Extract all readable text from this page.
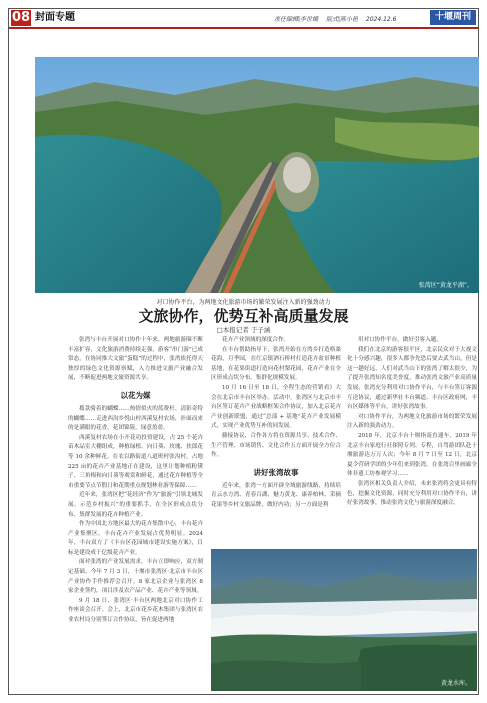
08 封面专题	责任编辑|李世娥 版式|陈小艳 2024.12.6	十堰周刊
张湾区“黄龙平湖”。
对口协作平台，为两地文化旅游市场的繁荣发展注入新的强劲动力
文旅协作，优势互补高质量发展
□本报记者 于子涵

张湾与丰台开展对口协作十年来，两地旅游圈不断丰富扩容，文化旅游消费持续走强，游客“串门游”已成常态。在协同推大文旅“蛋糕”的过程中，张湾依托得天独厚的绿色文化资源禀赋，入力推进文旅产业融合发展，不断促进两地文旅资源共享。

以花为媒

拨款骑着的蝴蝶……热情似火的蓝费杆、清影奇特的蝴蝶……走进西沟乡悦山村西溪复村农场，扑面而来的是满眼的花香，花团锦簇，绿意盈盈。

西溪复村农场在小开花功投资建设，占 25 个花卉苗木品室大棚组成，种植绿植、向日葵、玫瑰、扶郎花等 10 余种鲜花。在农以路街道八道班村张沟村，占地 225 亩的花卉产业基地正在建设，这里计划种植粉黛子、三角梅和向日葵等观赏和鲜花，通过花卉种植等全市重要节点节假日和花期重点规划林业游等保障……

近年来，张湾区把“花经济”作为“旅游”引领北城发展、示范乡村振兴”的重要抓手，在全区形成点状分布、集群发展的花卉种植产业。

作为中国北方地区最大的花卉集散中心，丰台花卉产业集聚区。丰台花卉产业发展占优势明显。2024 年，丰台双方了《丰台区花园城市建设实施方案》，目标是建设成千亿级花卉产业。

面对张湾的产业发展需求，丰台立即响应，双方制定基础。今年 7 月 3 日，十堰市张湾区·北京市丰台区产业协作手作推荐会召开。8 家北京企业与张湾区 8 家企业签约，项目涉及农产品产业、花卉产业等领域。

9 月 18 日，张湾区·丰台区两地北京对口协作工作座谈会召开。会上，北京市花乡花木集团与张湾区农业农村局分别签订合作协议，旨在促进两地

花卉产业领域的深度合作。

在丰台帮助指导下，张湾开始在方湾乡打造格桑花海，月季园，在红京镇酒石桥村打造花卉盆景种植基地，在花果街道打造向花村梨花园，花卉产业在全区形成点状分布，集群化规模发展。

10 月 16 日至 18 日，全程生态的营销看》大会在北京市丰台区举办。活动中，张湾区与北京市丰台区签订花卉产业战略框架合作协议，加入北京花卉产业创新联盟，通过“总部 + 基地”花卉产业发展模式，实现产业优势互补的同发展。

藤接协议，合作各方将在资源共享、技术合作、生产管理、市场销售、文化合作五方面开展全方位合作。

讲好张湾故事

近年来，张湾一方面开辟全域旅游线路，持续培育云水方湾、青春百湖、魅力黄龙、康养柏林、采摘花果等乡村文旅品牌，做好内功；另一方面是利

用对口协作平台，做好引客入题。

我们在北京的游客很平区，北京民众对于大视文化十分感兴趣，很多人都争先恐后要去武当山，但是这一趟好远，人们对武当山下的张湾了解太很少，为了提升张湾知名度美誉度，推动张湾文旅产业高质量发展，张湾充分利用对口协作平台，与丰台签订客源互送协议，通过新华社丰台频道、丰台区政府网，丰台区媒体等平台，讲好张湾故事。

对口协作平台，为两地文化旅游市场的繁荣发展注入新的强劲动力。

2018 年，北京丰台十堰指南直通车，2019 年北京丰台家庭行社探照专列、专程，自驾游团队赴十堰旅游达万万人次；今年 8 月 7 日至 12 日，北京夏令营研学团的少年们来到张湾，在张湾百里画廊全体非遗工坊参观学习……

张湾区相关负责人介绍，未来张湾将会更具有特色，挖掘文化资源，同时充分利用对口协作平台，讲好张湾故事，推动张湾文化与旅游深度融合。

黄龙水库。
